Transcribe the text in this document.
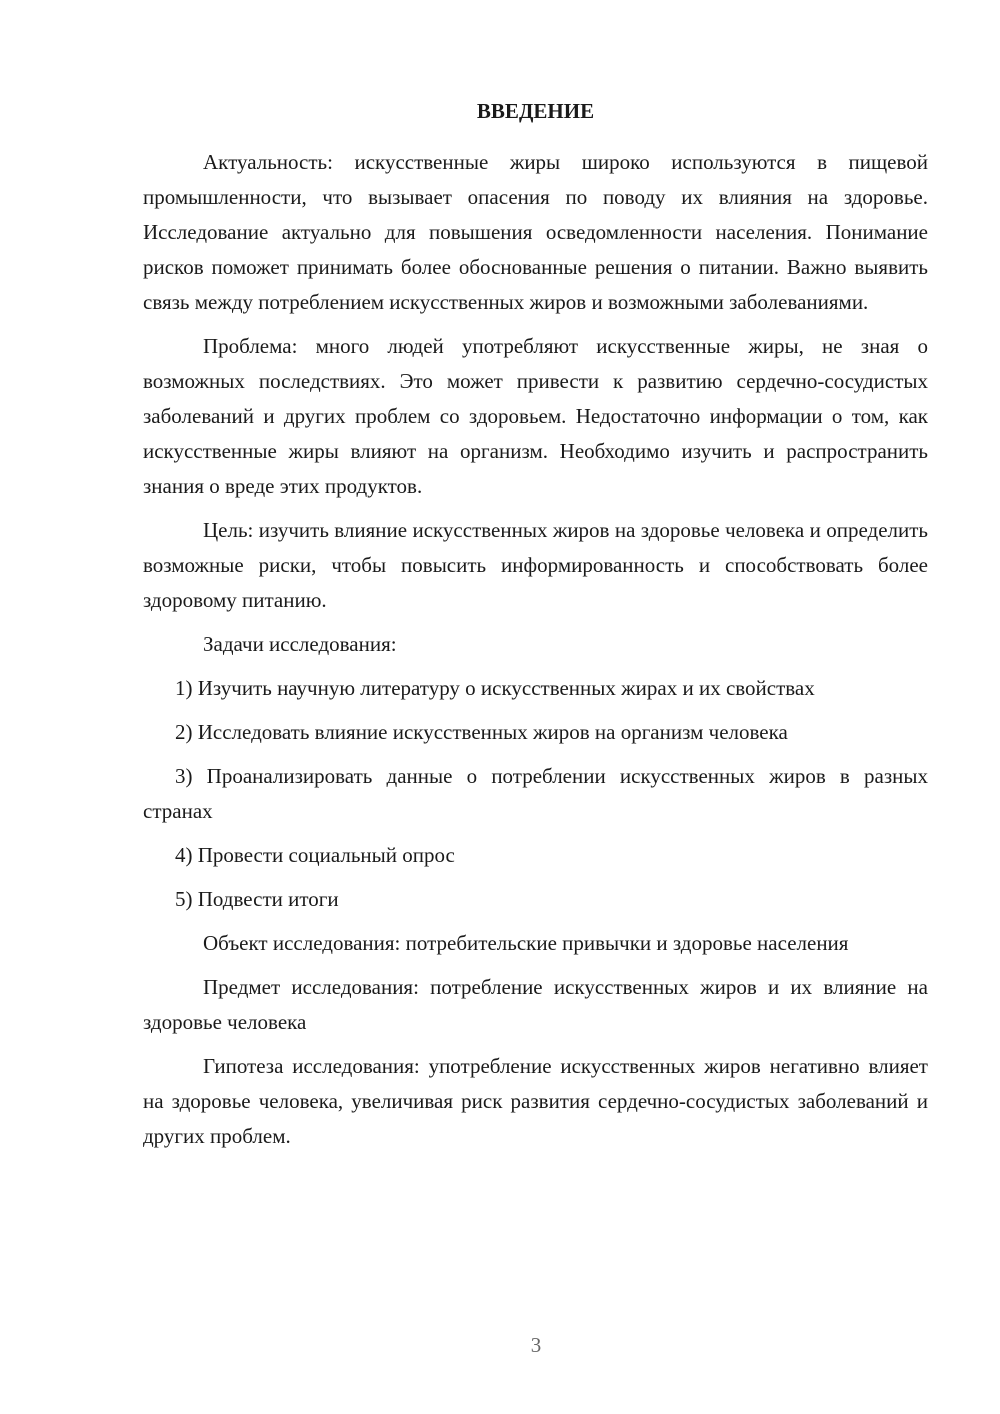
ВВЕДЕНИЕ

Актуальность: искусственные жиры широко используются в пищевой промышленности, что вызывает опасения по поводу их влияния на здоровье. Исследование актуально для повышения осведомленности населения. Понимание рисков поможет принимать более обоснованные решения о питании. Важно выявить связь между потреблением искусственных жиров и возможными заболеваниями.

Проблема: много людей употребляют искусственные жиры, не зная о возможных последствиях. Это может привести к развитию сердечно-сосудистых заболеваний и других проблем со здоровьем. Недостаточно информации о том, как искусственные жиры влияют на организм. Необходимо изучить и распространить знания о вреде этих продуктов.

Цель: изучить влияние искусственных жиров на здоровье человека и определить возможные риски, чтобы повысить информированность и способствовать более здоровому питанию.

Задачи исследования:

1) Изучить научную литературу о искусственных жирах и их свойствах

2) Исследовать влияние искусственных жиров на организм человека

3) Проанализировать данные о потреблении искусственных жиров в разных странах

4) Провести социальный опрос

5) Подвести итоги

Объект исследования: потребительские привычки и здоровье населения

Предмет исследования: потребление искусственных жиров и их влияние на здоровье человека

Гипотеза исследования: употребление искусственных жиров негативно влияет на здоровье человека, увеличивая риск развития сердечно-сосудистых заболеваний и других проблем.

3
